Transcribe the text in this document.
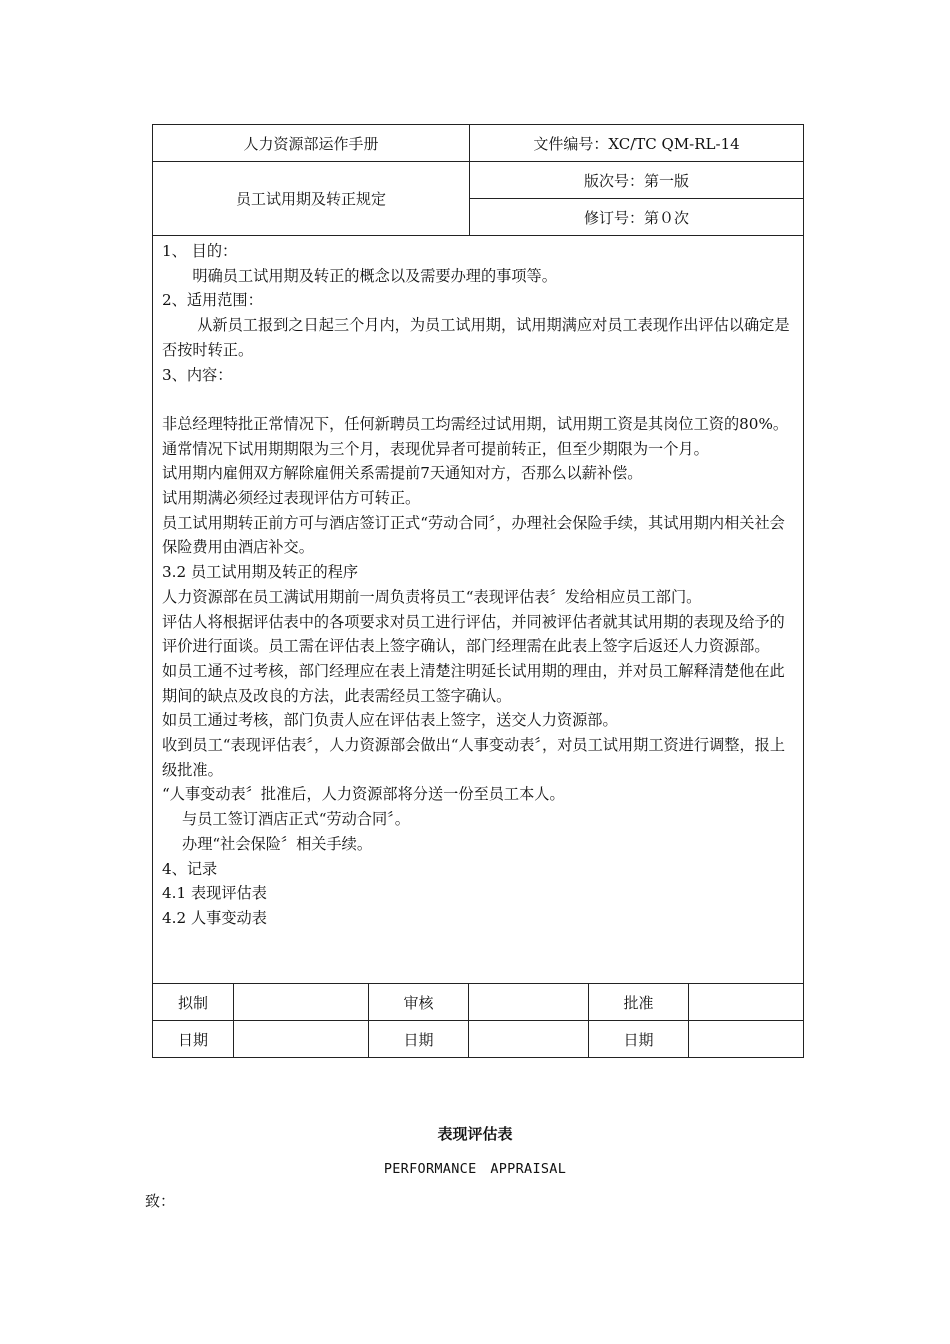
人力资源部运作手册	文件编号：XC/TC QM-RL-14
员工试用期及转正规定
版次号：第一版
修订号：第０次

1、 目的：

　　明确员工试用期及转正的概念以及需要办理的事项等。

2、适用范围：

　　 从新员工报到之日起三个月内，为员工试用期，试用期满应对员工表现作出评估以确定是否按时转正。

3、内容：

非总经理特批正常情况下，任何新聘员工均需经过试用期，试用期工资是其岗位工资的80%。

通常情况下试用期期限为三个月，表现优异者可提前转正，但至少期限为一个月。

试用期内雇佣双方解除雇佣关系需提前7天通知对方，否那么以薪补偿。

试用期满必须经过表现评估方可转正。

员工试用期转正前方可与酒店签订正式“劳动合同〞，办理社会保险手续，其试用期内相关社会保险费用由酒店补交。

3.2 员工试用期及转正的程序

人力资源部在员工满试用期前一周负责将员工“表现评估表〞发给相应员工部门。

评估人将根据评估表中的各项要求对员工进行评估，并同被评估者就其试用期的表现及给予的评价进行面谈。员工需在评估表上签字确认，部门经理需在此表上签字后返还人力资源部。

如员工通不过考核，部门经理应在表上清楚注明延长试用期的理由，并对员工解释清楚他在此期间的缺点及改良的方法，此表需经员工签字确认。

如员工通过考核，部门负责人应在评估表上签字，送交人力资源部。

收到员工“表现评估表〞，人力资源部会做出“人事变动表〞，对员工试用期工资进行调整，报上级批准。

“人事变动表〞批准后，人力资源部将分送一份至员工本人。

　 与员工签订酒店正式“劳动合同〞。

　 办理“社会保险〞相关手续。

4、记录

4.1 表现评估表

4.2 人事变动表

拟制	审核	批准
日期	日期	日期
表现评估表
PERFORMANCE　APPRAISAL
致：
